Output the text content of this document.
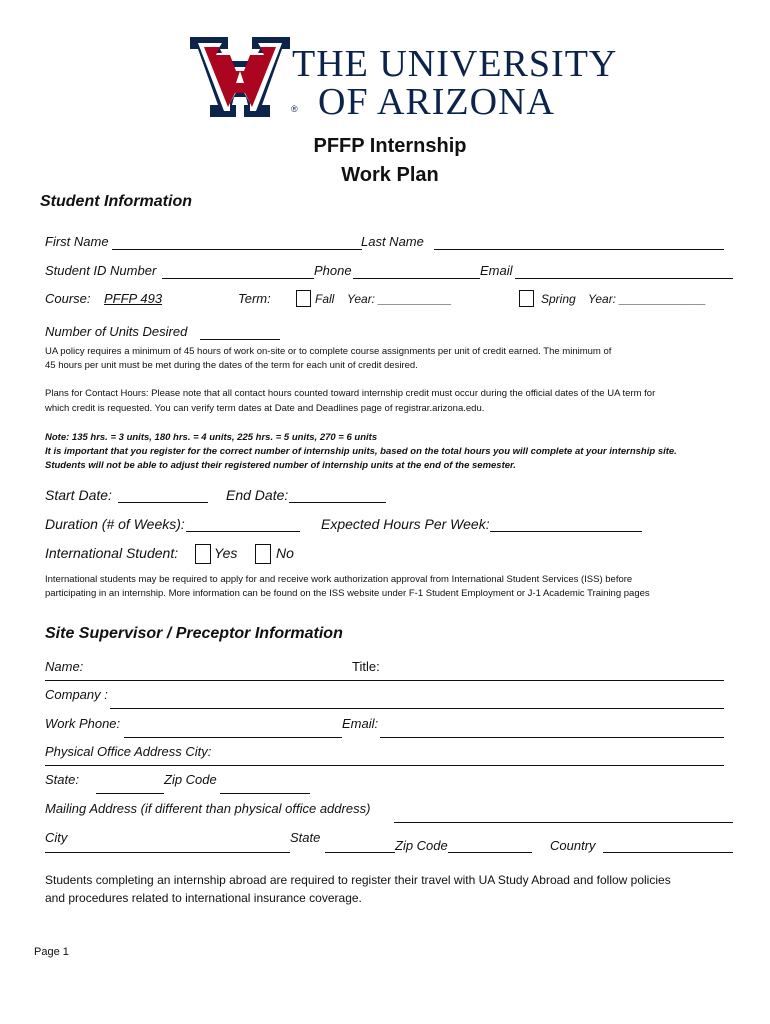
®
THE UNIVERSITY
OF ARIZONA
PFFP Internship
Work Plan
Student Information
First Name	Last Name
Student ID Number	Phone	Email
Course: PFFP 493	Term:	Fall Year: ___________	Spring Year: _____________
Number of Units Desired
UA policy requires a minimum of 45 hours of work on-site or to complete course assignments per unit of credit earned. The minimum of
45 hours per unit must be met during the dates of the term for each unit of credit desired.
Plans for Contact Hours: Please note that all contact hours counted toward internship credit must occur during the official dates of the UA term for
which credit is requested. You can verify term dates at Date and Deadlines page of registrar.arizona.edu.
Note: 135 hrs. = 3 units, 180 hrs. = 4 units, 225 hrs. = 5 units, 270 = 6 units
It is important that you register for the correct number of internship units, based on the total hours you will complete at your internship site.
Students will not be able to adjust their registered number of internship units at the end of the semester.
Start Date:	End Date:
Duration (# of Weeks):	Expected Hours Per Week:
International Student:	Yes	No
International students may be required to apply for and receive work authorization approval from International Student Services (ISS) before
participating in an internship. More information can be found on the ISS website under F-1 Student Employment or J-1 Academic Training pages
Site Supervisor / Preceptor Information
Name:	Title:
Company :
Work Phone:	Email:
Physical Office Address City:
State:	Zip Code
Mailing Address (if different than physical office address)
City	State
Zip Code	Country
Students completing an internship abroad are required to register their travel with UA Study Abroad and follow policies
and procedures related to international insurance coverage.
Page 1
